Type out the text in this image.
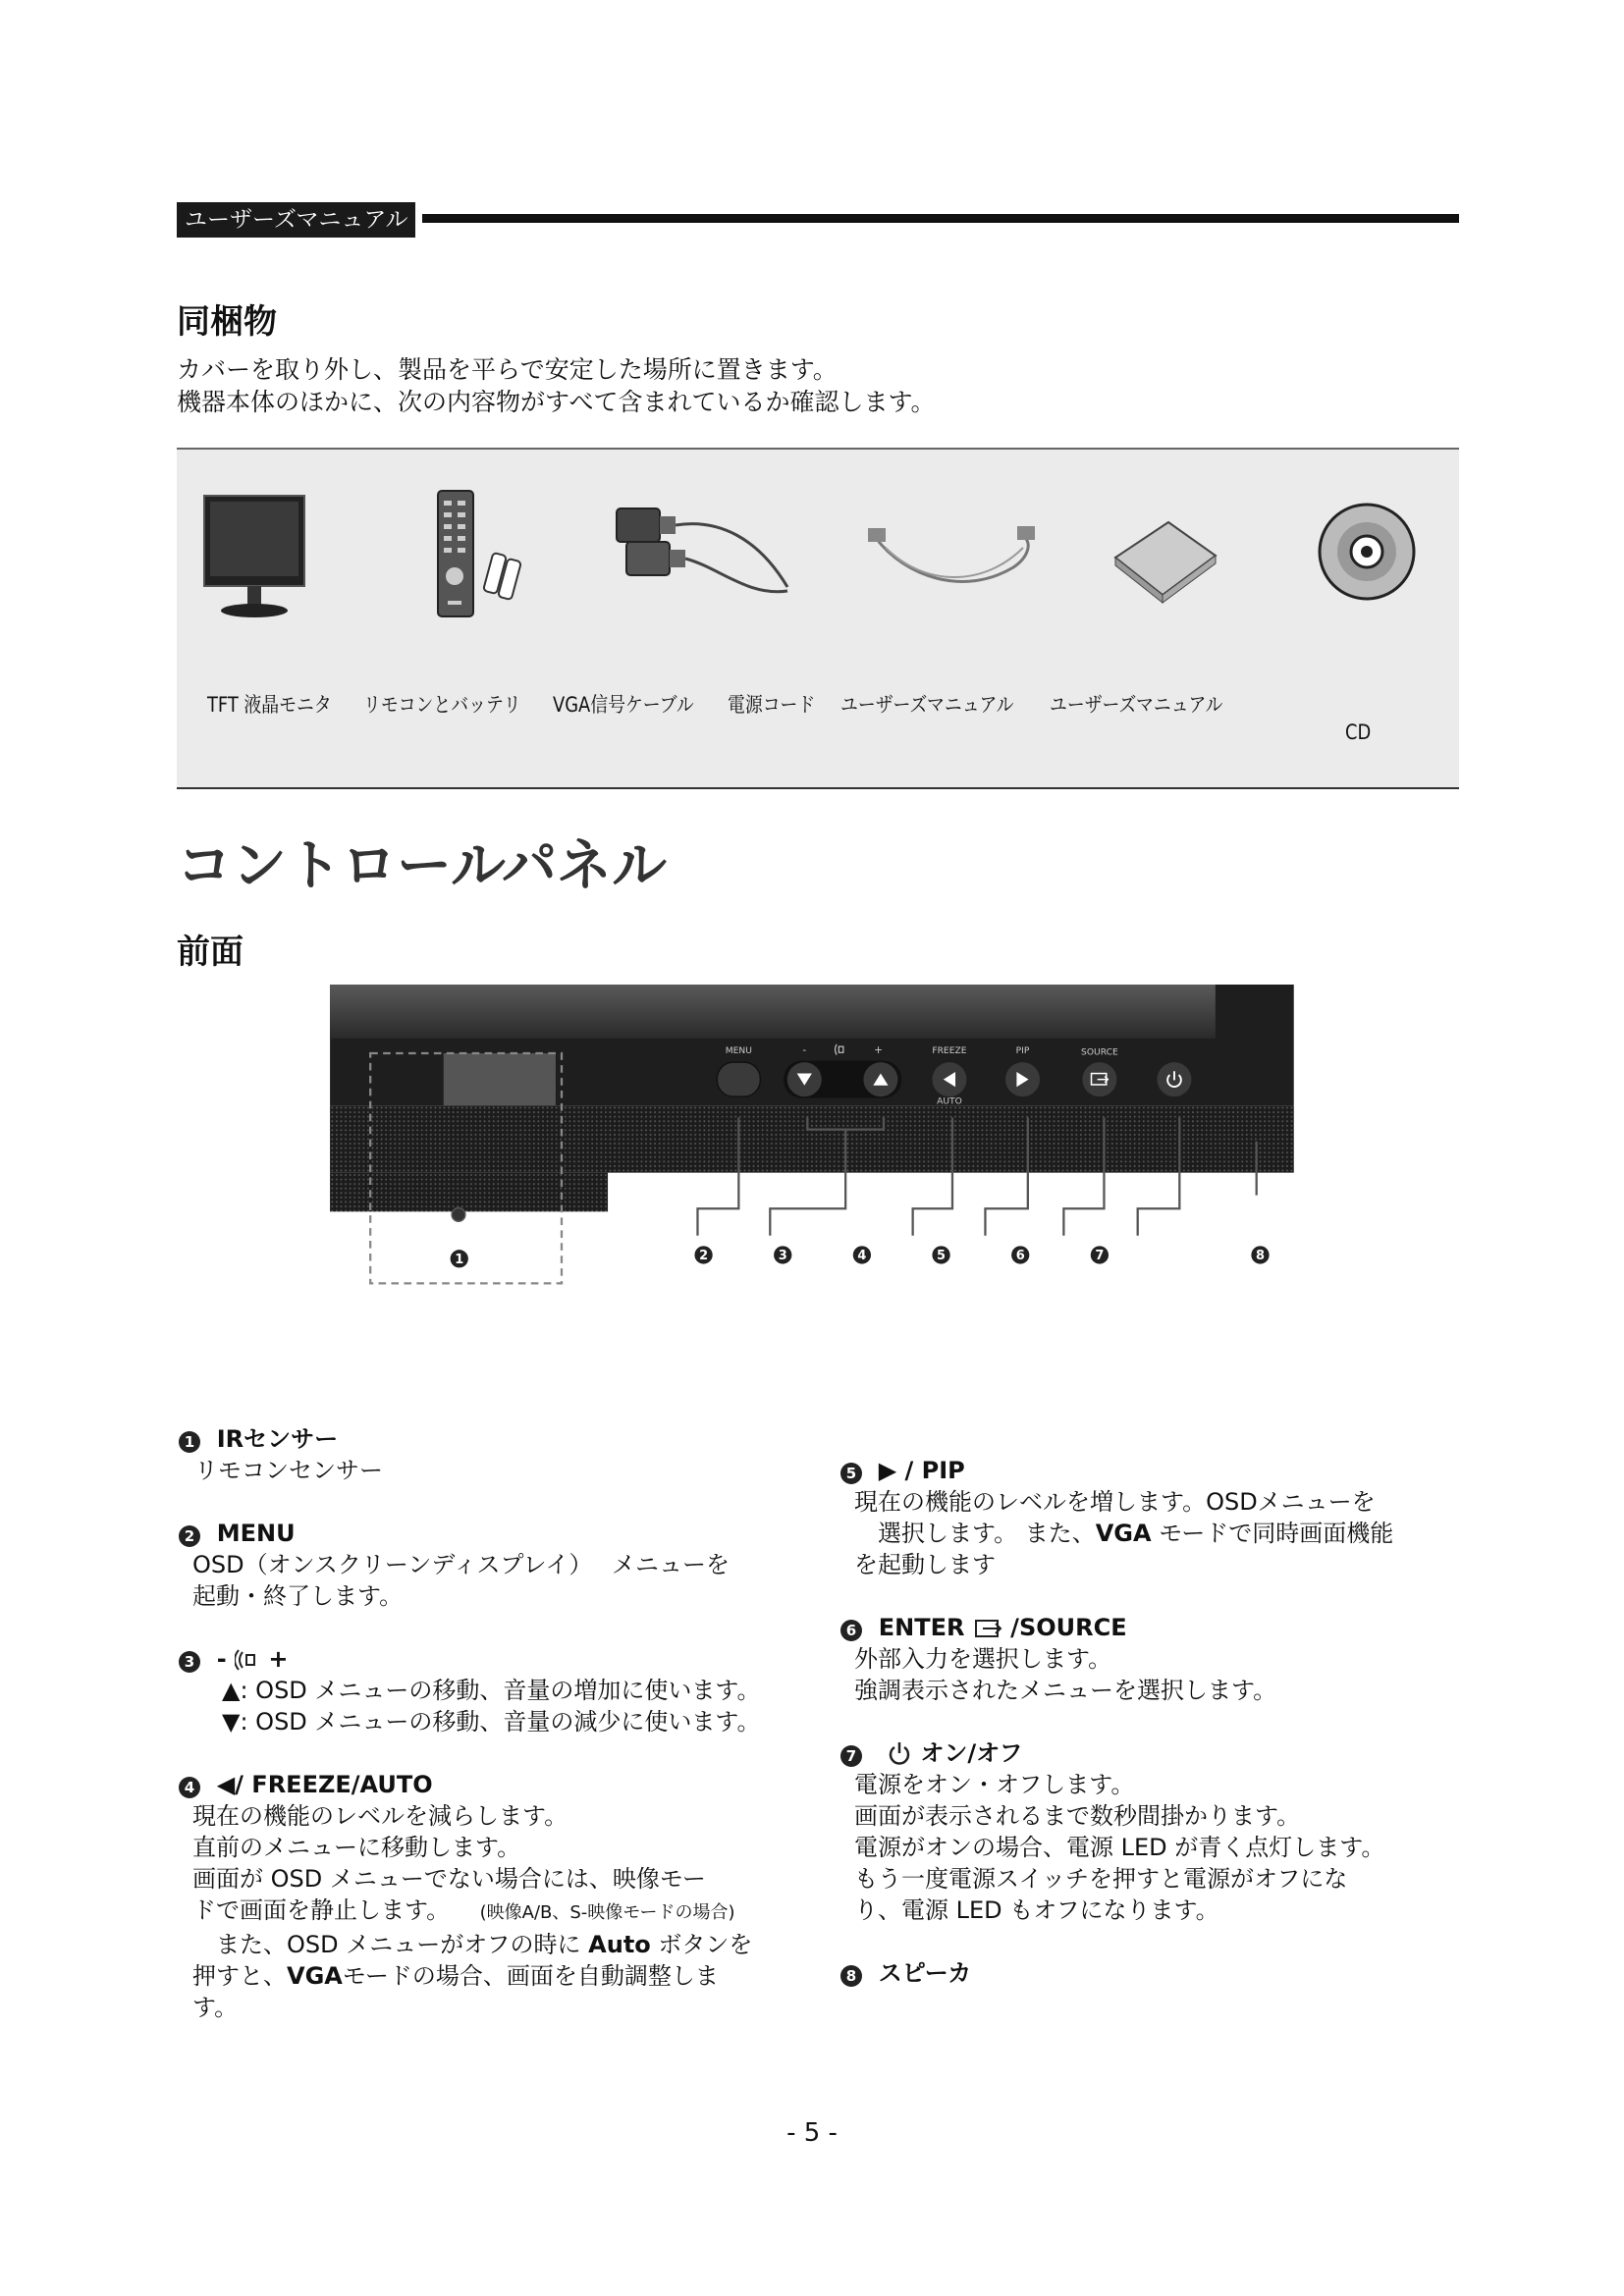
ユーザーズマニュアル
同梱物
カバーを取り外し、製品を平らで安定した場所に置きます。
機器本体のほかに、次の内容物がすべて含まれているか確認します。
TFT 液晶モニタ リモコンとバッテリ VGA信号ケーブル 電源コード ユーザーズマニュアル ユーザーズマニュアル
CD
コントロールパネル
前面
MENU	-	+	FREEZE
AUTO
PIP	SOURCE
1	2	3	4	5	6	7	8
1 IRセンサー
リモコンセンサー
2 MENU
OSD（オンスクリーンディスプレイ）　 メニューを
起動・終了します。
3 - +
▲: OSD メニューの移動、音量の増加に使います。
▼: OSD メニューの移動、音量の減少に使います。
4 ◀/ FREEZE/AUTO
現在の機能のレベルを減らします。
直前のメニューに移動します。
画面が OSD メニューでない場合には、映像モー
ドで画面を静止します。 (映像A/B、S-映像モードの場合)
　また、OSD メニューがオフの時に Auto ボタンを
押すと、VGAモードの場合、画面を自動調整しま
す。
5 ▶ / PIP
現在の機能のレベルを増します。OSDメニューを
　選択します。 また、VGA モードで同時画面機能
を起動します
6 ENTER /SOURCE
外部入力を選択します。
強調表示されたメニューを選択します。
7	オン/オフ
電源をオン・オフします。
画面が表示されるまで数秒間掛かります。
電源がオンの場合、電源 LED が青く点灯します。
もう一度電源スイッチを押すと電源がオフにな
り、電源 LED もオフになります。
8 スピーカ
- 5 -
